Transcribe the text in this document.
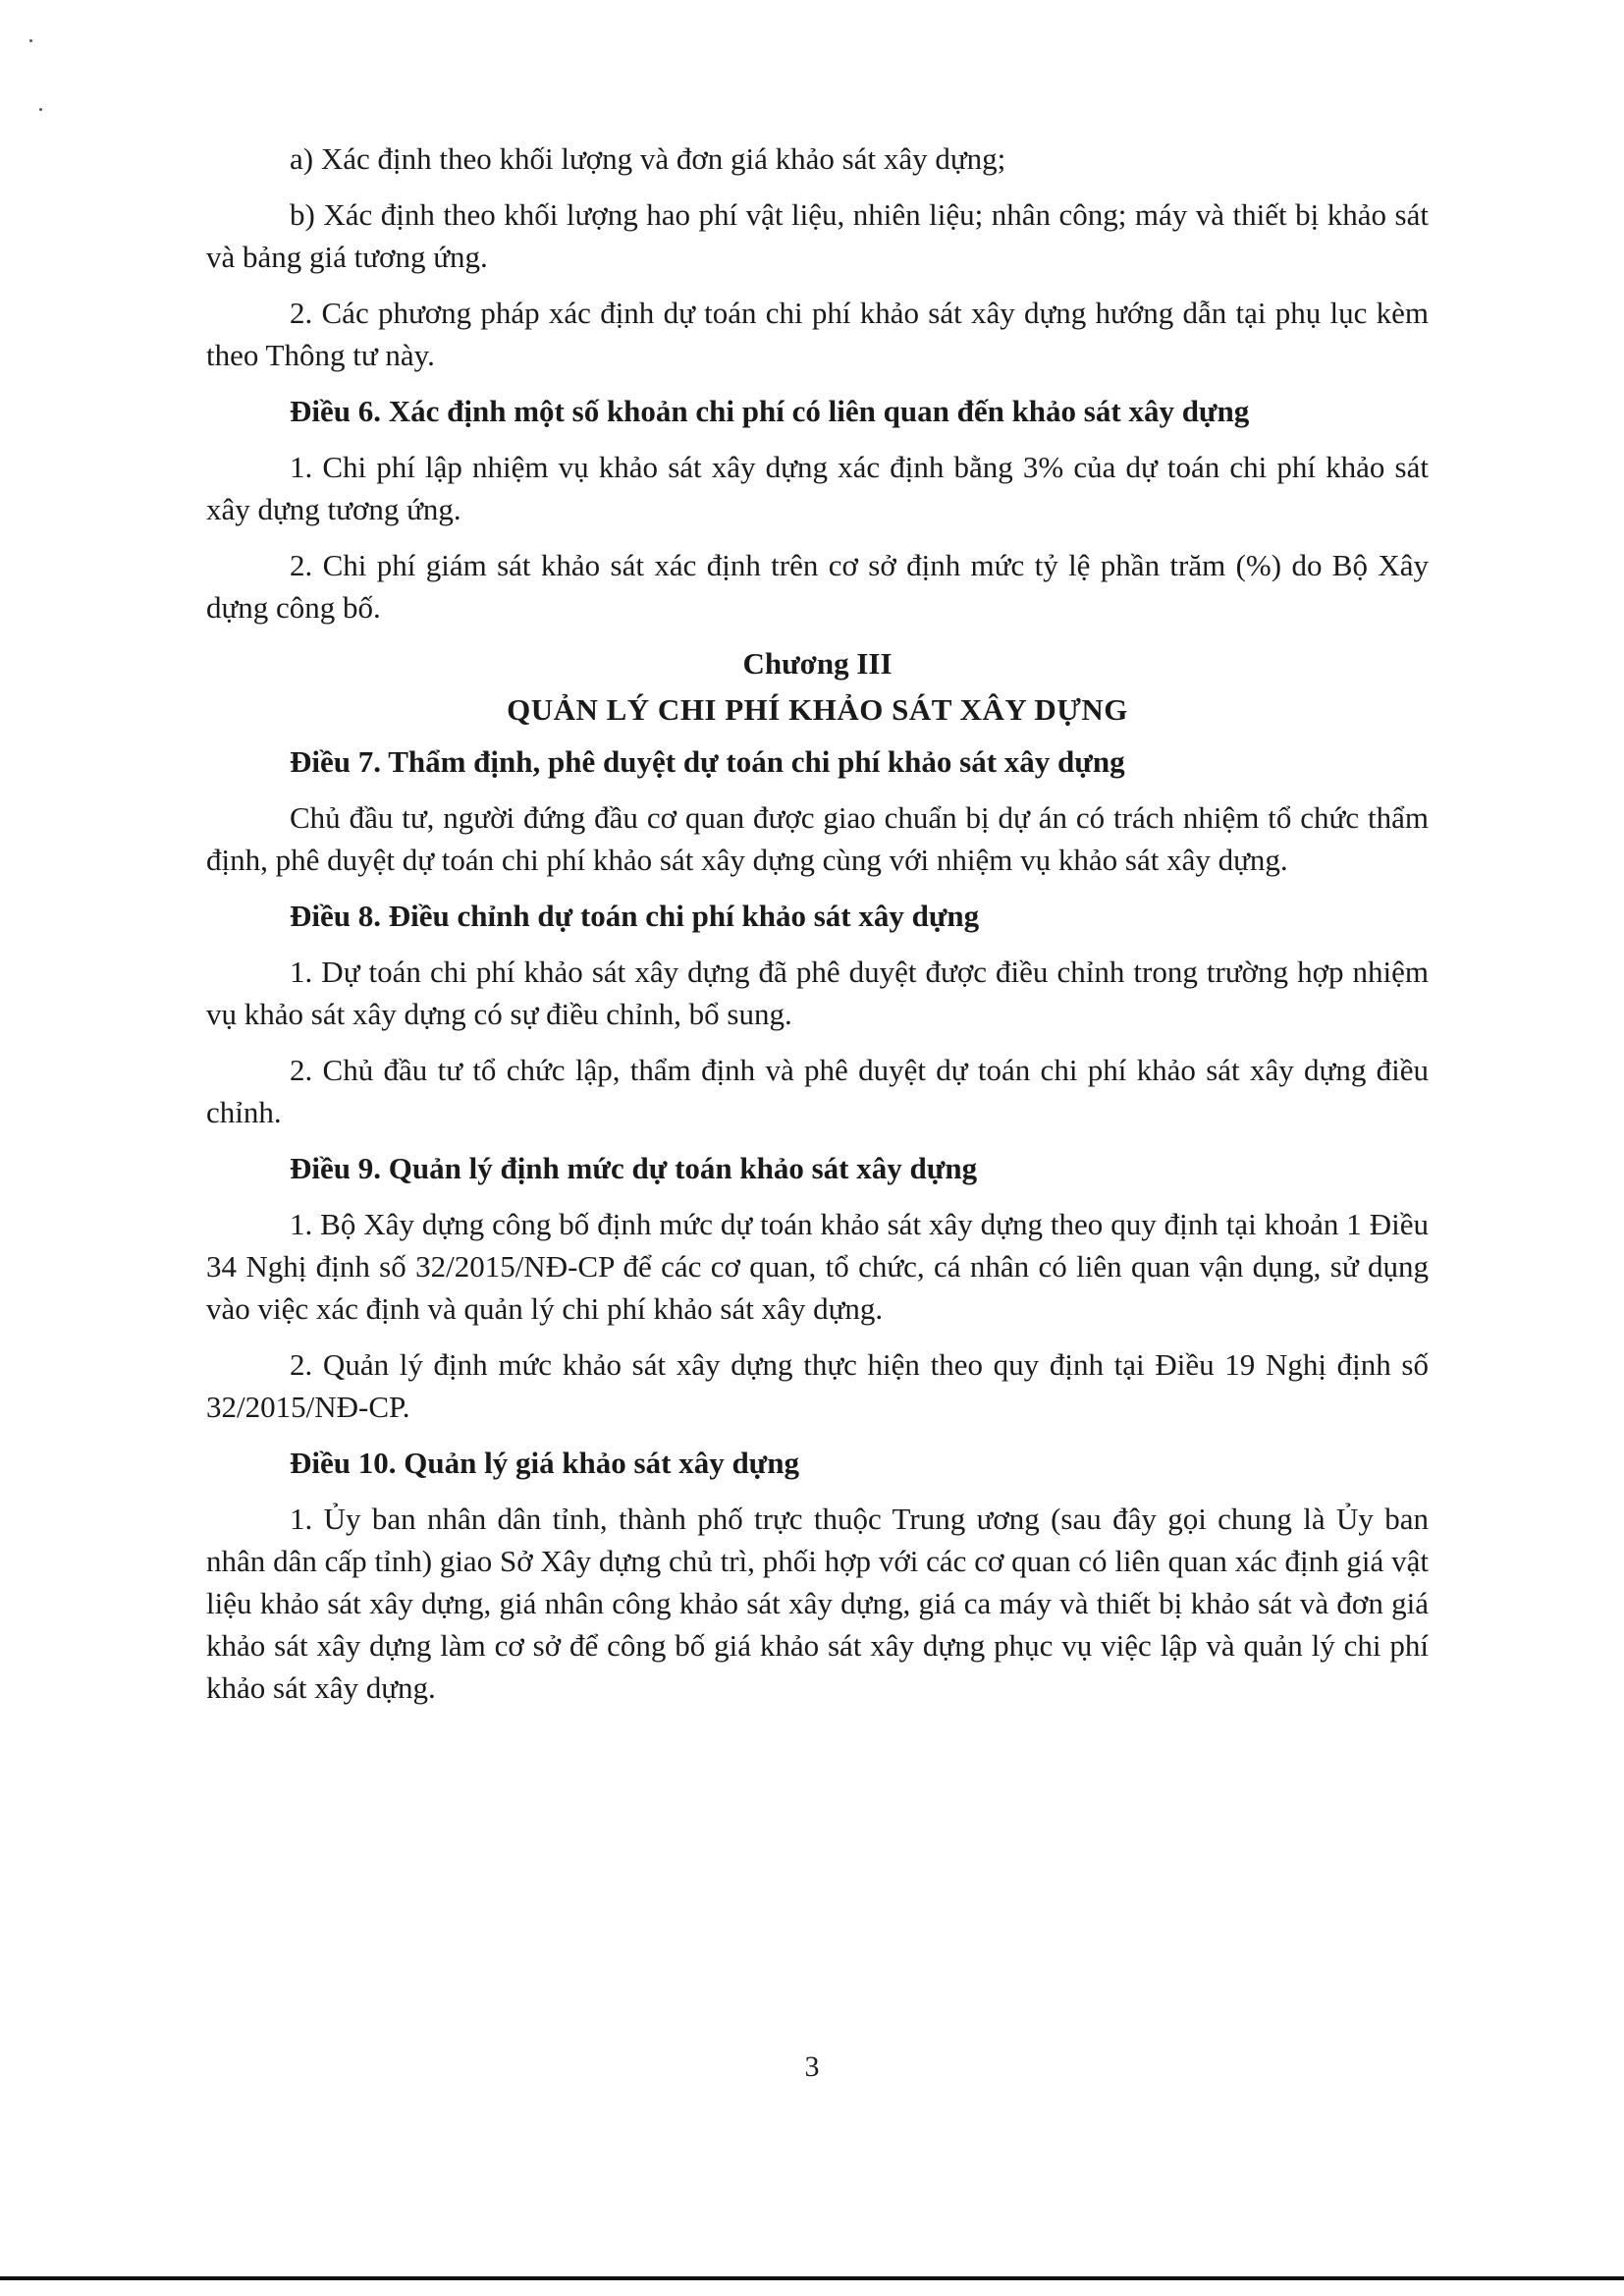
a) Xác định theo khối lượng và đơn giá khảo sát xây dựng;

b) Xác định theo khối lượng hao phí vật liệu, nhiên liệu; nhân công; máy và thiết bị khảo sát và bảng giá tương ứng.

2. Các phương pháp xác định dự toán chi phí khảo sát xây dựng hướng dẫn tại phụ lục kèm theo Thông tư này.

Điều 6. Xác định một số khoản chi phí có liên quan đến khảo sát xây dựng

1. Chi phí lập nhiệm vụ khảo sát xây dựng xác định bằng 3% của dự toán chi phí khảo sát xây dựng tương ứng.

2. Chi phí giám sát khảo sát xác định trên cơ sở định mức tỷ lệ phần trăm (%) do Bộ Xây dựng công bố.

Chương III

QUẢN LÝ CHI PHÍ KHẢO SÁT XÂY DỰNG

Điều 7. Thẩm định, phê duyệt dự toán chi phí khảo sát xây dựng

Chủ đầu tư, người đứng đầu cơ quan được giao chuẩn bị dự án có trách nhiệm tổ chức thẩm định, phê duyệt dự toán chi phí khảo sát xây dựng cùng với nhiệm vụ khảo sát xây dựng.

Điều 8. Điều chỉnh dự toán chi phí khảo sát xây dựng

1. Dự toán chi phí khảo sát xây dựng đã phê duyệt được điều chỉnh trong trường hợp nhiệm vụ khảo sát xây dựng có sự điều chỉnh, bổ sung.

2. Chủ đầu tư tổ chức lập, thẩm định và phê duyệt dự toán chi phí khảo sát xây dựng điều chỉnh.

Điều 9. Quản lý định mức dự toán khảo sát xây dựng

1. Bộ Xây dựng công bố định mức dự toán khảo sát xây dựng theo quy định tại khoản 1 Điều 34 Nghị định số 32/2015/NĐ-CP để các cơ quan, tổ chức, cá nhân có liên quan vận dụng, sử dụng vào việc xác định và quản lý chi phí khảo sát xây dựng.

2. Quản lý định mức khảo sát xây dựng thực hiện theo quy định tại Điều 19 Nghị định số 32/2015/NĐ-CP.

Điều 10. Quản lý giá khảo sát xây dựng

1. Ủy ban nhân dân tỉnh, thành phố trực thuộc Trung ương (sau đây gọi chung là Ủy ban nhân dân cấp tỉnh) giao Sở Xây dựng chủ trì, phối hợp với các cơ quan có liên quan xác định giá vật liệu khảo sát xây dựng, giá nhân công khảo sát xây dựng, giá ca máy và thiết bị khảo sát và đơn giá khảo sát xây dựng làm cơ sở để công bố giá khảo sát xây dựng phục vụ việc lập và quản lý chi phí khảo sát xây dựng.

3
